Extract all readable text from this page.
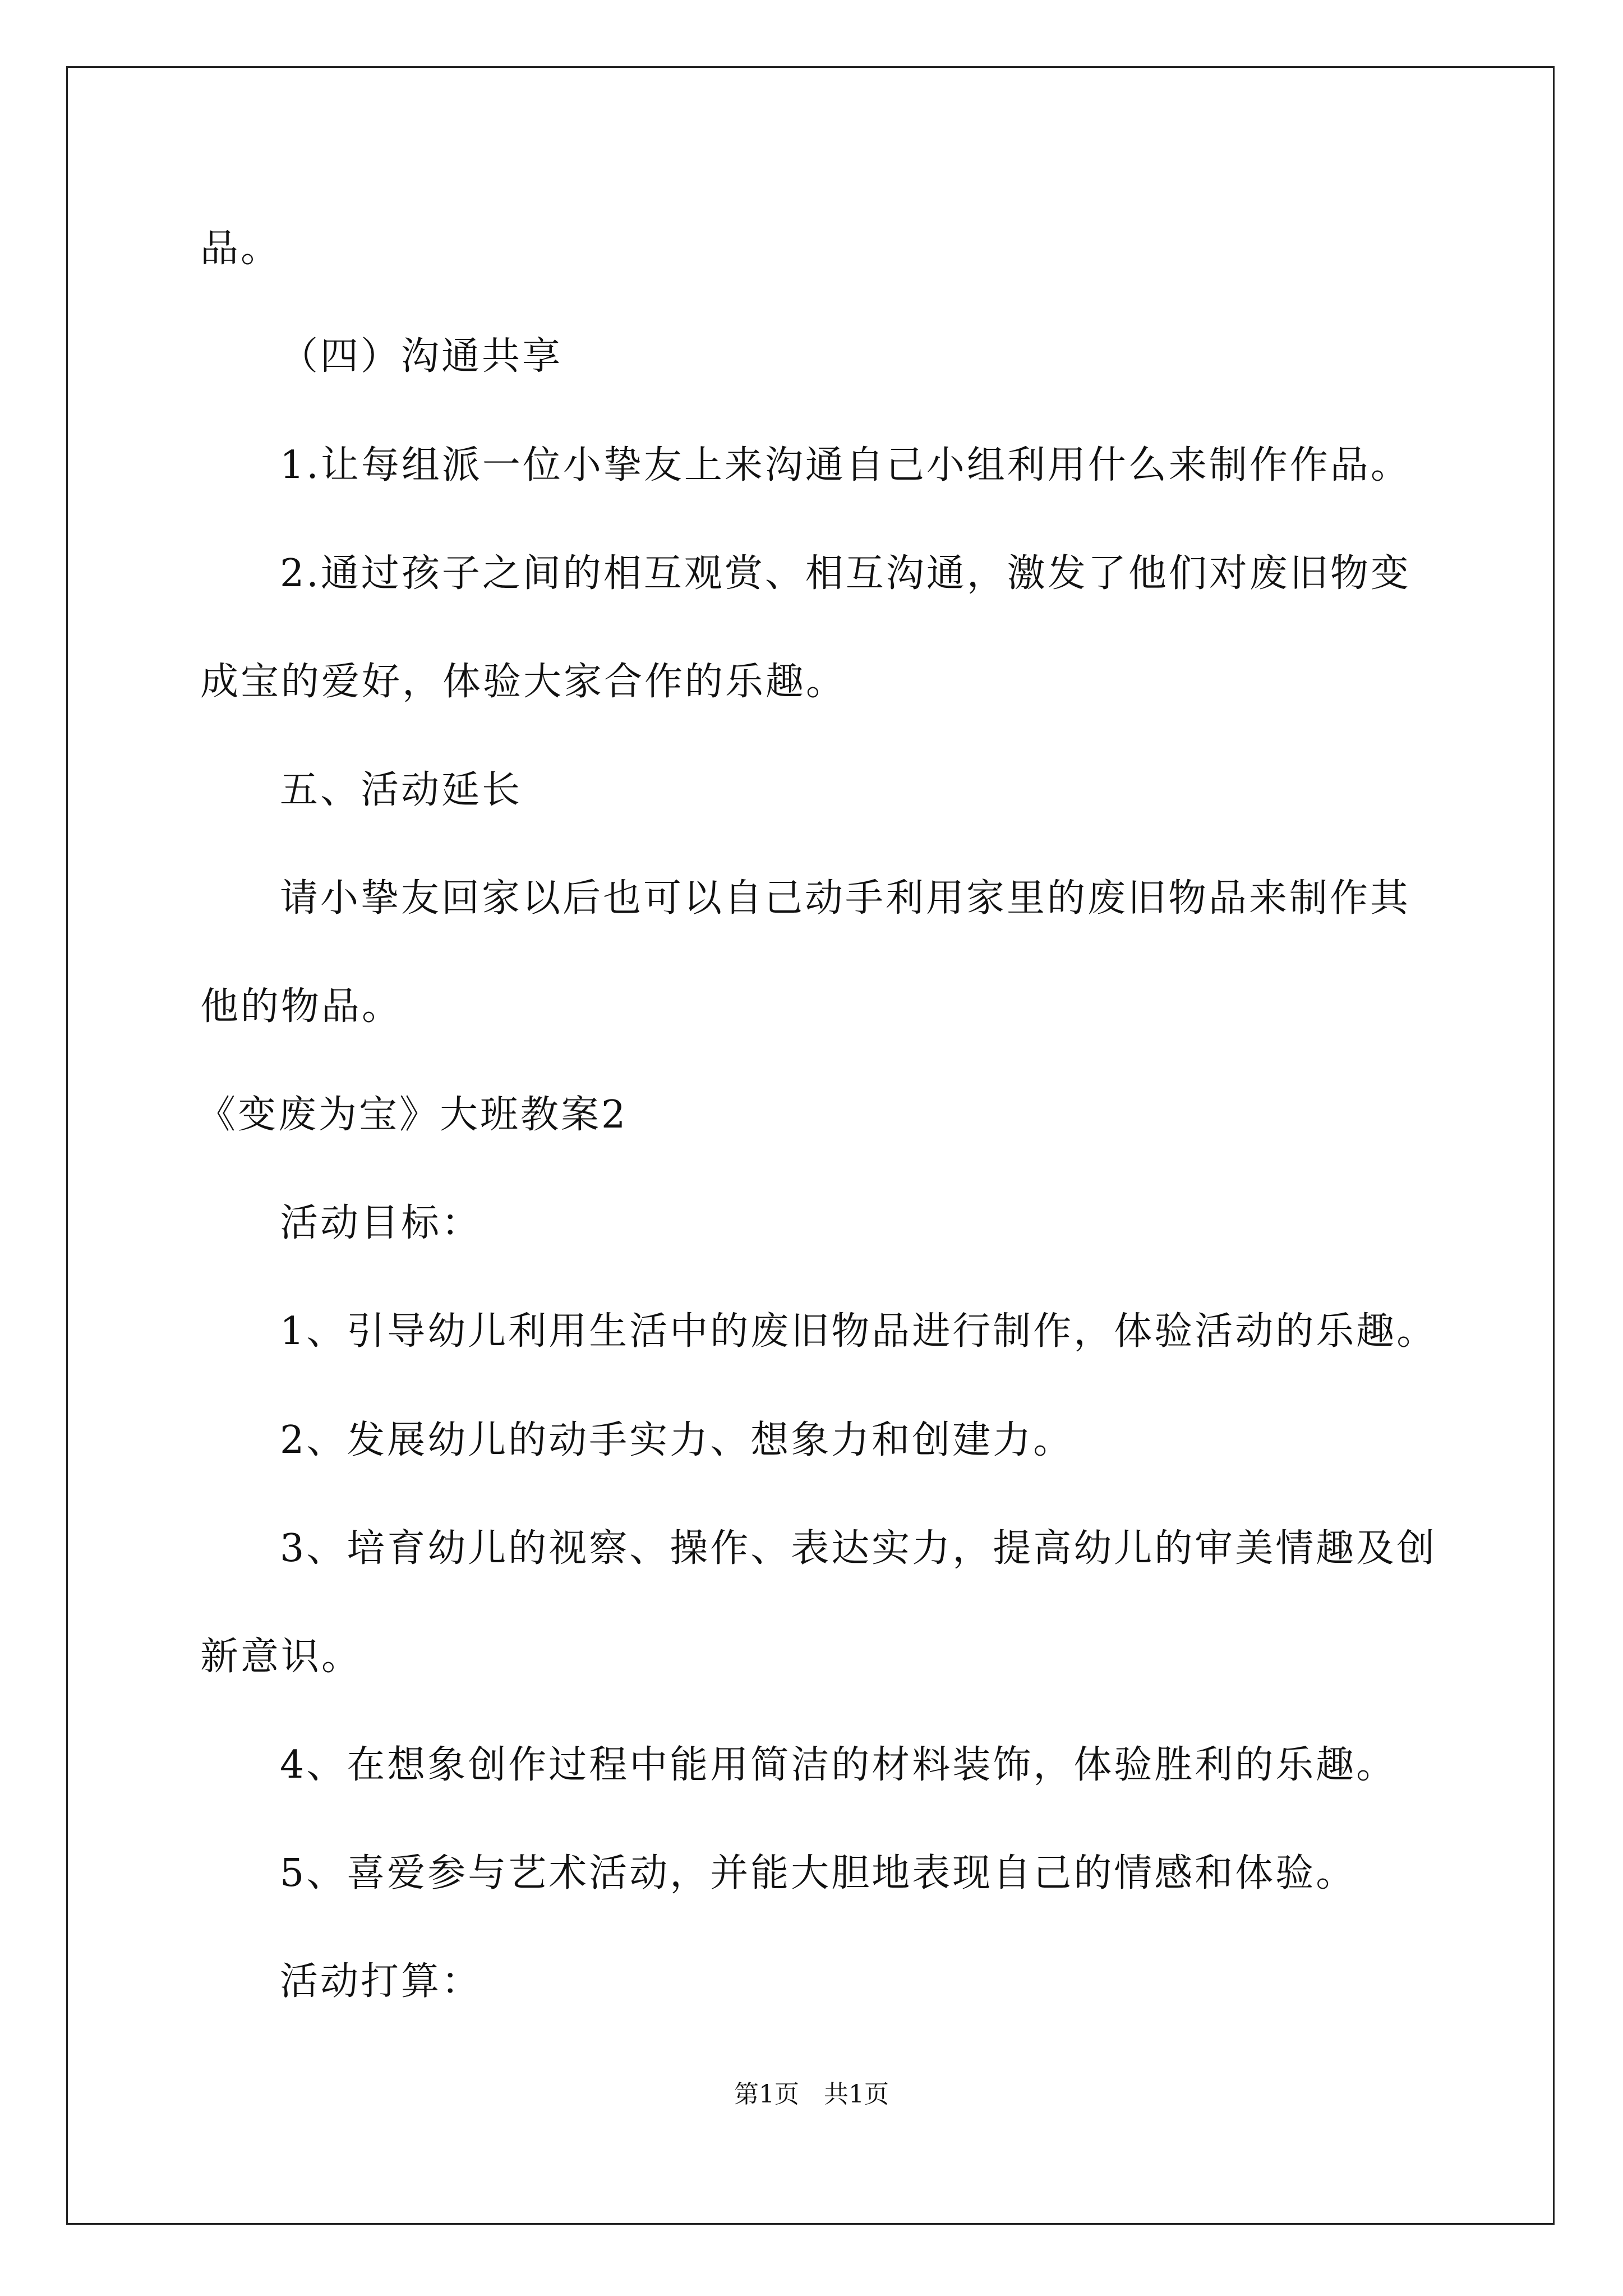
品。
（四）沟通共享
1.让每组派一位小挚友上来沟通自己小组利用什么来制作作品。
2.通过孩子之间的相互观赏、相互沟通，激发了他们对废旧物变
成宝的爱好，体验大家合作的乐趣。
五、活动延长
请小挚友回家以后也可以自己动手利用家里的废旧物品来制作其
他的物品。
《变废为宝》大班教案2
活动目标：
1、引导幼儿利用生活中的废旧物品进行制作，体验活动的乐趣。
2、发展幼儿的动手实力、想象力和创建力。
3、培育幼儿的视察、操作、表达实力，提高幼儿的审美情趣及创
新意识。
4、在想象创作过程中能用简洁的材料装饰，体验胜利的乐趣。
5、喜爱参与艺术活动，并能大胆地表现自己的情感和体验。
活动打算：
第1页　共1页
